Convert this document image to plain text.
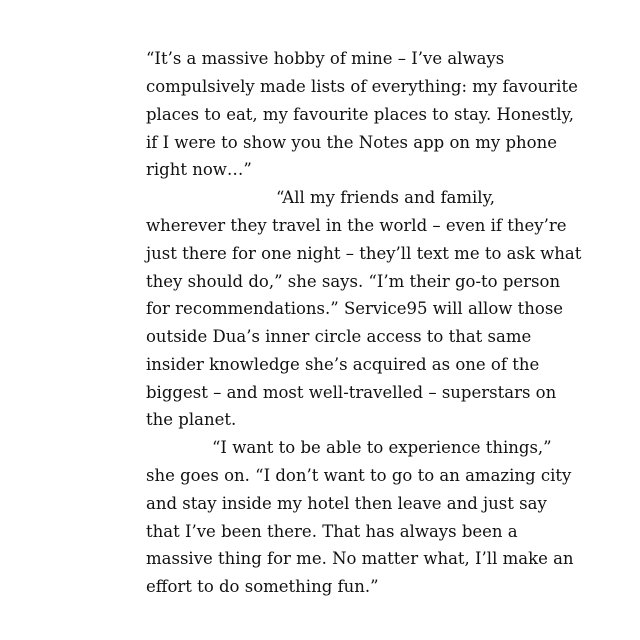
“It’s a massive hobby of mine – I’ve always
compulsively made lists of everything: my favourite
places to eat, my favourite places to stay. Honestly,
if I were to show you the Notes app on my phone
right now…”
“All my friends and family,
wherever they travel in the world – even if they’re
just there for one night – they’ll text me to ask what
they should do,” she says. “I’m their go-to person
for recommendations.” Service95 will allow those
outside Dua’s inner circle access to that same
insider knowledge she’s acquired as one of the
biggest – and most well-travelled – superstars on
the planet.
“I want to be able to experience things,”
she goes on. “I don’t want to go to an amazing city
and stay inside my hotel then leave and just say
that I’ve been there. That has always been a
massive thing for me. No matter what, I’ll make an
effort to do something fun.”
